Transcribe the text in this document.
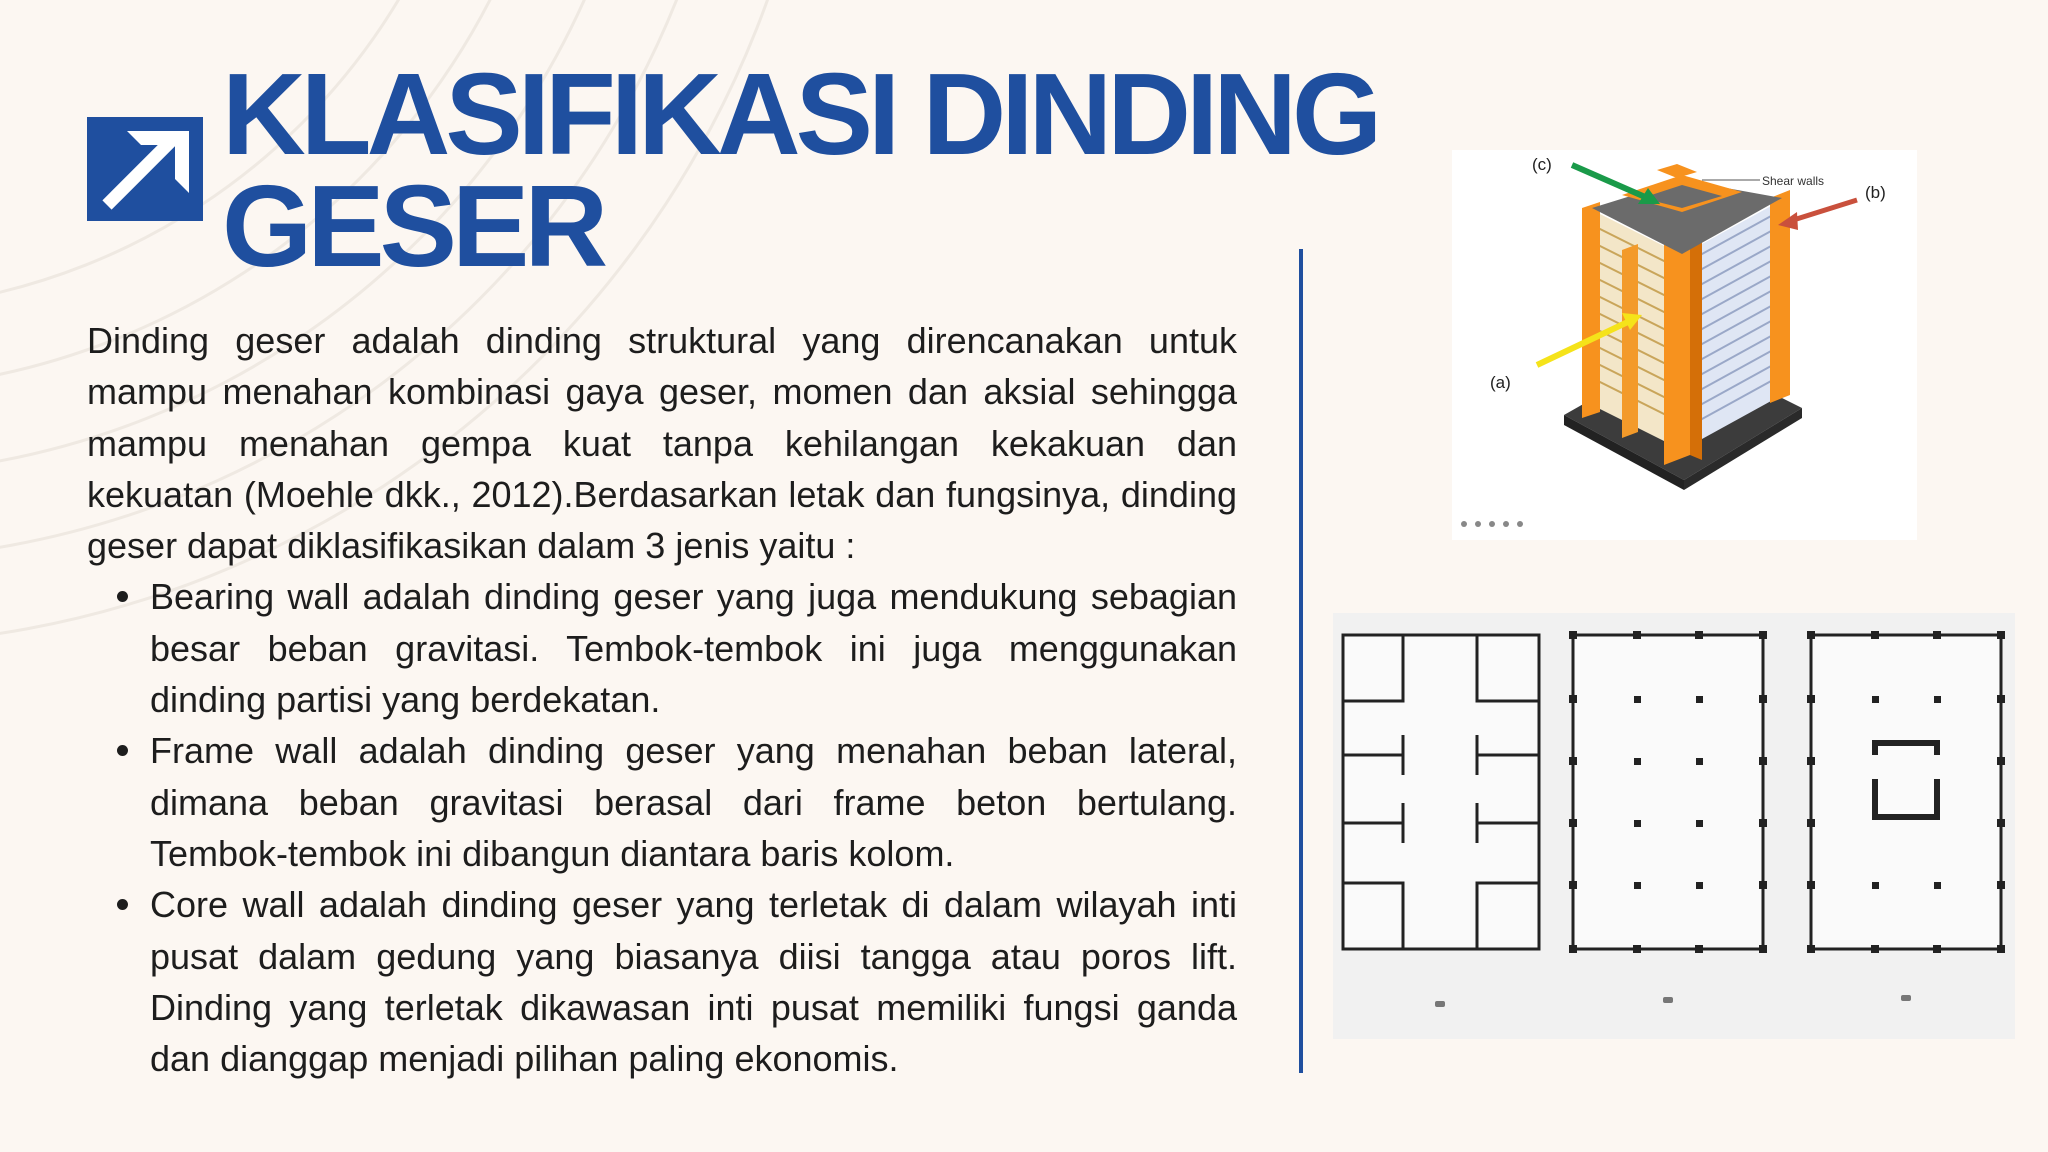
KLASIFIKASI DINDING
GESER

Dinding geser adalah dinding struktural yang direncanakan untuk mampu menahan kombinasi gaya geser, momen dan aksial sehingga mampu menahan gempa kuat tanpa kehilangan kekakuan dan kekuatan (Moehle dkk., 2012).Berdasarkan letak dan fungsinya, dinding geser dapat diklasifikasikan dalam 3 jenis yaitu :

Bearing wall adalah dinding geser yang juga mendukung sebagian besar beban gravitasi. Tembok-tembok ini juga menggunakan dinding partisi yang berdekatan.
Frame wall adalah dinding geser yang menahan beban lateral, dimana beban gravitasi berasal dari frame beton bertulang. Tembok-tembok ini dibangun diantara baris kolom.
Core wall adalah dinding geser yang terletak di dalam wilayah inti pusat dalam gedung yang biasanya diisi tangga atau poros lift. Dinding yang terletak dikawasan inti pusat memiliki fungsi ganda dan dianggap menjadi pilihan paling ekonomis.
(c)
(b)
(a)
Shear walls
